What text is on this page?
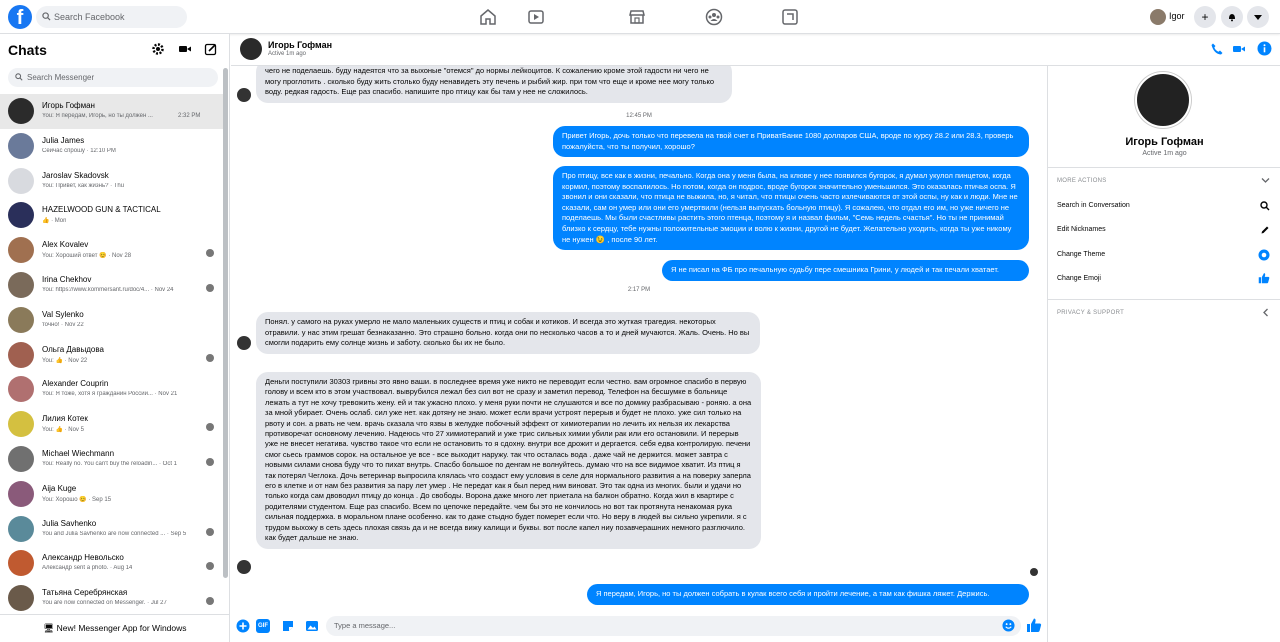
f	Search Facebook	Igor	+
Chats
Search Messenger
Игорь Гофман
You: Я передам, Игорь, но ты должен ...	2:32 PM
Julia James
Сейчас спрошу · 12:10 PM
Jaroslav Skadovsk
You: Привет, как жизнь? · Thu
HAZELWOOD GUN & TACTICAL
👍 · Mon
Alex Kovalev
You: Хороший ответ 😊 · Nov 28
Irina Chekhov
You: https://www.kommersant.ru/doc/4... · Nov 24
Val Sylenko
точно! · Nov 22
Ольга Давыдова
You: 👍 · Nov 22
Alexander Couprin
You: Я тоже, хотя я гражданин России... · Nov 21
Лилия Котек
You: 👍 · Nov 5
Michael Wiechmann
You: Really no. You can't buy the reloadin... · Oct 1
Aija Kuge
You: Хорошо 😊 · Sep 15
Julia Savhenko
You and Julia Savhenko are now connected ... · Sep 5
Александр Невольско
Александр sent a photo. · Aug 14
Татьяна Серебрянская
You are now connected on Messenger. · Jul 27
🖥 New! Messenger App for Windows
Игорь Гофман
Active 1m ago
чего не поделаешь. буду надеятся что за выхоные "отемся" до нормы лейкоцитов. К сожалению кроме этой гадости ни чего не могу проглотить . сколько буду жить столько буду ненавидеть эту печень и рыбий жир. при том что еще и кроме нее могу только воду. редкая гадость. Еще раз спасибо. напишите про птицу как бы там у нее не сложилось.
12:45 PM
Привет Игорь, дочь только что перевела на твой счет в ПриватБанке 1080 долларов США, вроде по курсу 28.2 или 28.3, проверь пожалуйста, что ты получил, хорошо?
Про птицу, все как в жизни, печально. Когда она у меня была, на клюве у нее появился бугорок, я думал укулол пинцетом, когда кормил, поэтому воспалилось. Но потом, когда он подрос, вроде бугорок значительно уменьшился. Это оказалась птичья оспа. Я звонил и они сказали, что птица не выжила, но, я читал, что птицы очень часто излечиваются от этой оспы, ну как и люди. Мне не сказали, сам он умер или они его умертвили (нельзя выпускать больную птицу). Я сожалею, что отдал его им, но уже ничего не поделаешь. Мы были счастливы растить этого птенца, поэтому я и назвал фильм, "Семь недель счастья". Но ты не принимай близко к сердцу, тебе нужны положительные эмоции и волю к жизни, другой не будет. Желательно уходить, когда ты уже никому не нужен 😉 , после 90 лет.
Я не писал на ФБ про печальную судьбу пере смешника Грини, у людей и так печали хватает.
2:17 PM
Понял. у самого на руках умерло не мало маленьких существ и птиц и собак и котиков. И всегда это жуткая трагедия. некоторых отравили. у нас этим грешат безнаказанно. Это страшно больно. когда они по несколько часов а то и дней мучаются. Жаль. Очень. Но вы смогли подарить ему солнце жизнь и заботу. сколько бы их не было.
Деньги поступили 30303 гривны это явно ваши. в последнее время уже никто не переводит если честно. вам огромное спасибо в первую голову и всем кто в этом участвовал. выврубился лежал без сил вот не сразу и заметил перевод. Телефон на бесшумке в больнице лежать а тут не хочу тревожить жену. ей и так ужасно плохо. у меня руки почти не слушаются и все по домику разбрасываю - роняю. а она за мной убирает. Очень ослаб. сил уже нет. как дотяну не знаю. может если врачи устроят перерыв и будет не плохо. уже сил только на рвоту и сон. а рвать не чем. врачь сказала что язвы в желудке побочный эффект от химиотерапии но лечить их нельзя их лекарства противоречат основному лечению. Надеюсь что 27 химиотерапий и уже трис сильных химии убили рак или его остановили. И перерыв уже не внесет негатива. чувство такое что если не остановить то я сдохну. внутри все дрожит и дергается. себя едва контролирую. печени смог сьесь граммов сорок. на остальное уе все - все выходит наружу. так что осталась вода . даже чай не держится. может завтра с новыми силами снова буду что то пихат внутрь. Спасбо большое по денгам не волнуйтесь. думаю что на все видимое хватит. Из птиц я так потерял Чеглока. Дочь ветеринар выпросила клялась что создаст ему условия в селе для нормального развития а на поверку заперла его в клетке и от нам без развития за пару лет умер . Не передат как я был перед ним виноват. Это так одна из многих. были и удачи но только когда сам двоводил птицу до конца . До свободы. Ворона даже много лет приетала на балкон обратно. Когда жил в квартире с родителями студентом. Еще раз спасибо. Всем по цепочке передайте. чем бы это не кончилось но вот так протянута ненакомая рука сильная поддержка. в моральном плане особенно. как то даже стыдно будет померет если что. Но веру в людей вы сильно укрепили. я с трудом выхожу в сеть здесь плохая связь да и не всегда вижу калищи и буквы. вот после капел ниу позавчерашних немного разглючило. как будет дальше не знаю.
Я передам, Игорь, но ты должен собрать в кулак всего себя и пройти лечение, а там как фишка ляжет. Держись.
GIF	Type a message...
Игорь Гофман
Active 1m ago
MORE ACTIONS
Search in Conversation
Edit Nicknames
Change Theme
Change Emoji
PRIVACY & SUPPORT
